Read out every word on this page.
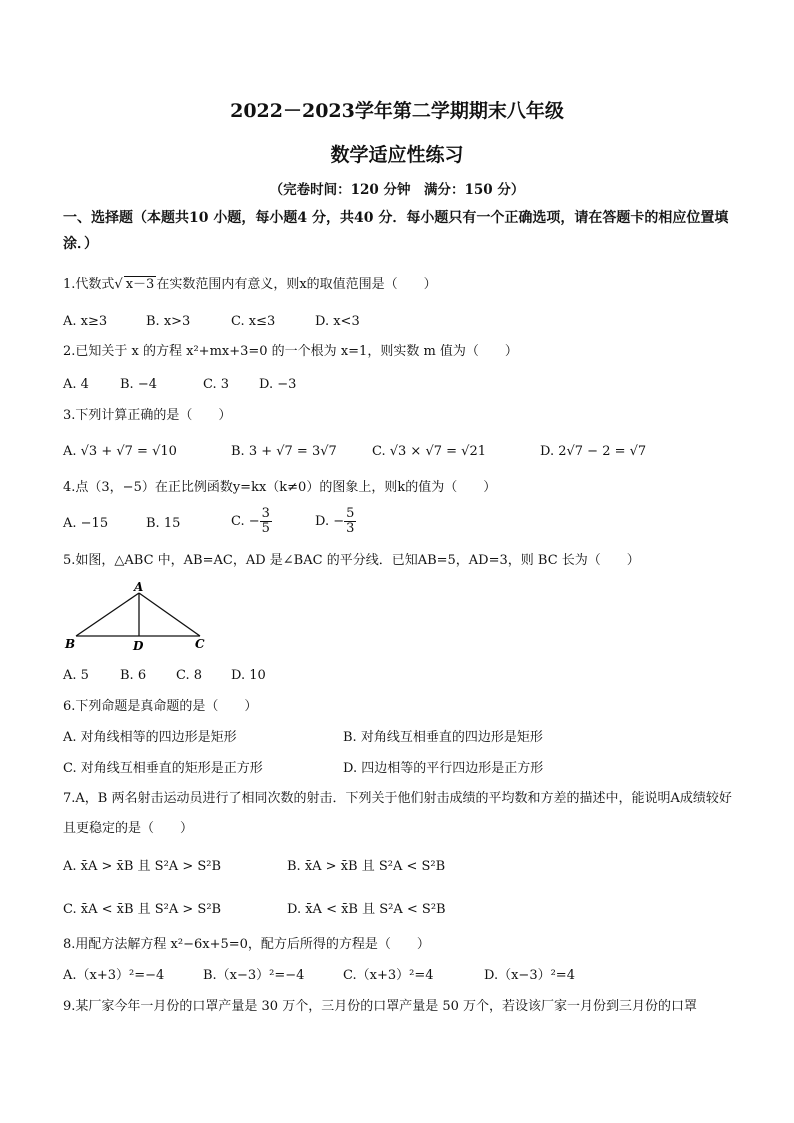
2022－2023学年第二学期期末八年级
数学适应性练习
（完卷时间：120 分钟　满分：150 分）
一、选择题（本题共10 小题，每小题4 分，共40 分．每小题只有一个正确选项，请在答题卡的相应位置填涂．）
1.代数式√ x－3 在实数范围内有意义，则x的取值范围是（　　）
A. x≥3	B. x>3	C. x≤3	D. x<3
2.已知关于 x 的方程 x²+mx+3=0 的一个根为 x=1，则实数 m 值为（　　）
A. 4 B. −4	C. 3 D. −3
3.下列计算正确的是（　　）
A. √3 + √7 = √10	B. 3 + √7 = 3√7	C. √3 × √7 = √21	D. 2√7 − 2 = √7
4.点（3，−5）在正比例函数y=kx（k≠0）的图象上，则k的值为（　　）
A. −15	B. 15	C. − $\frac{3}{5}$	D. − $\frac{5}{3}$
5.如图，△ABC 中，AB=AC，AD 是∠BAC 的平分线．已知AB=5，AD=3，则 BC 长为（　　）
A
B	D	C
A. 5 B. 6 C. 8 D. 10
6.下列命题是真命题的是（　　）
A. 对角线相等的四边形是矩形	B. 对角线互相垂直的四边形是矩形
C. 对角线互相垂直的矩形是正方形	D. 四边相等的平行四边形是正方形
7.A，B 两名射击运动员进行了相同次数的射击．下列关于他们射击成绩的平均数和方差的描述中，能说明A成绩较好且更稳定的是（　　）
A. x̄A > x̄B 且 S²A > S²B	B. x̄A > x̄B 且 S²A < S²B
C. x̄A < x̄B 且 S²A > S²B	D. x̄A < x̄B 且 S²A < S²B
8.用配方法解方程 x²−6x+5=0，配方后所得的方程是（　　）
A.（x+3）²=−4	B.（x−3）²=−4	C.（x+3）²=4	D.（x−3）²=4
9.某厂家今年一月份的口罩产量是 30 万个，三月份的口罩产量是 50 万个，若设该厂家一月份到三月份的口罩
